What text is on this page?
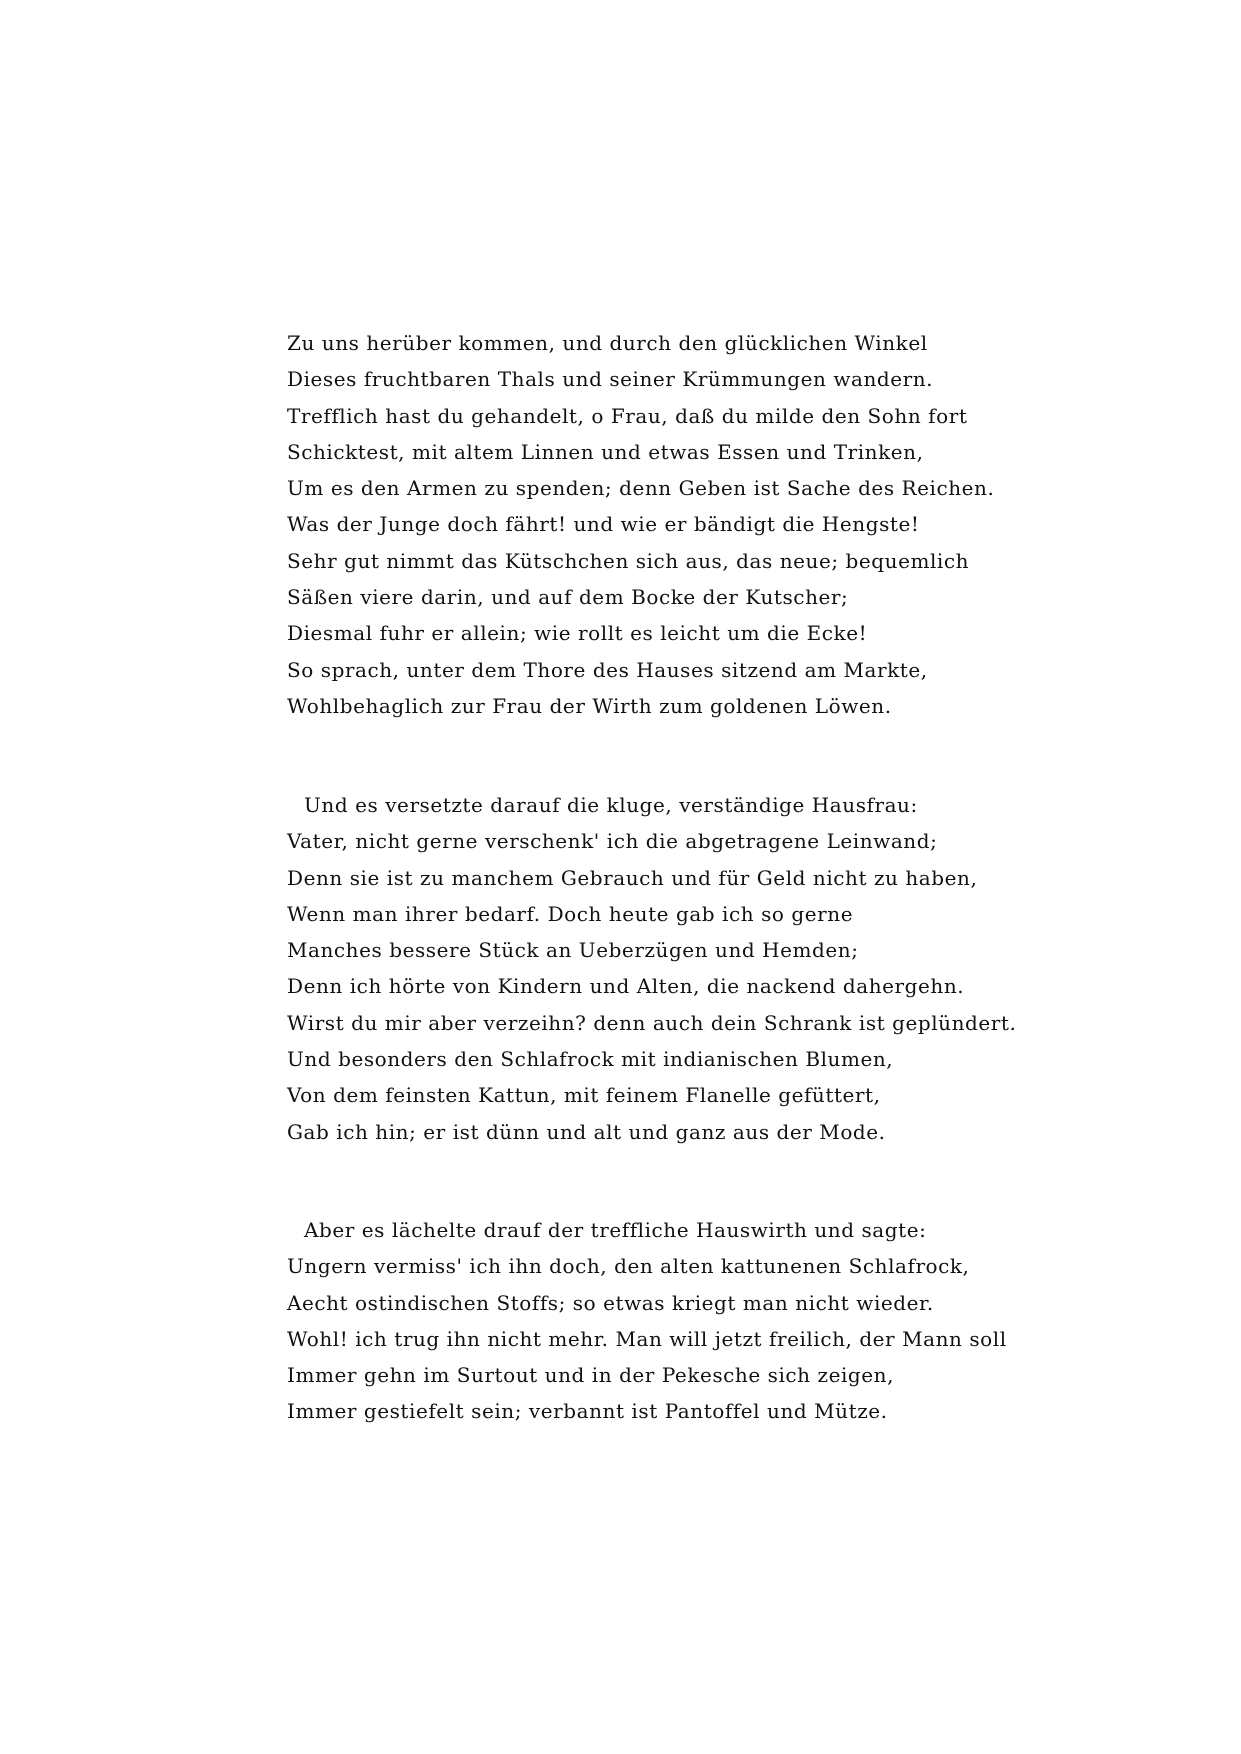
Zu uns herüber kommen, und durch den glücklichen Winkel
Dieses fruchtbaren Thals und seiner Krümmungen wandern.
Trefflich hast du gehandelt, o Frau, daß du milde den Sohn fort
Schicktest, mit altem Linnen und etwas Essen und Trinken,
Um es den Armen zu spenden; denn Geben ist Sache des Reichen.
Was der Junge doch fährt! und wie er bändigt die Hengste!
Sehr gut nimmt das Kütschchen sich aus, das neue; bequemlich
Säßen viere darin, und auf dem Bocke der Kutscher;
Diesmal fuhr er allein; wie rollt es leicht um die Ecke!
So sprach, unter dem Thore des Hauses sitzend am Markte,
Wohlbehaglich zur Frau der Wirth zum goldenen Löwen.
Und es versetzte darauf die kluge, verständige Hausfrau:
Vater, nicht gerne verschenk' ich die abgetragene Leinwand;
Denn sie ist zu manchem Gebrauch und für Geld nicht zu haben,
Wenn man ihrer bedarf. Doch heute gab ich so gerne
Manches bessere Stück an Ueberzügen und Hemden;
Denn ich hörte von Kindern und Alten, die nackend dahergehn.
Wirst du mir aber verzeihn? denn auch dein Schrank ist geplündert.
Und besonders den Schlafrock mit indianischen Blumen,
Von dem feinsten Kattun, mit feinem Flanelle gefüttert,
Gab ich hin; er ist dünn und alt und ganz aus der Mode.
Aber es lächelte drauf der treffliche Hauswirth und sagte:
Ungern vermiss' ich ihn doch, den alten kattunenen Schlafrock,
Aecht ostindischen Stoffs; so etwas kriegt man nicht wieder.
Wohl! ich trug ihn nicht mehr. Man will jetzt freilich, der Mann soll
Immer gehn im Surtout und in der Pekesche sich zeigen,
Immer gestiefelt sein; verbannt ist Pantoffel und Mütze.
